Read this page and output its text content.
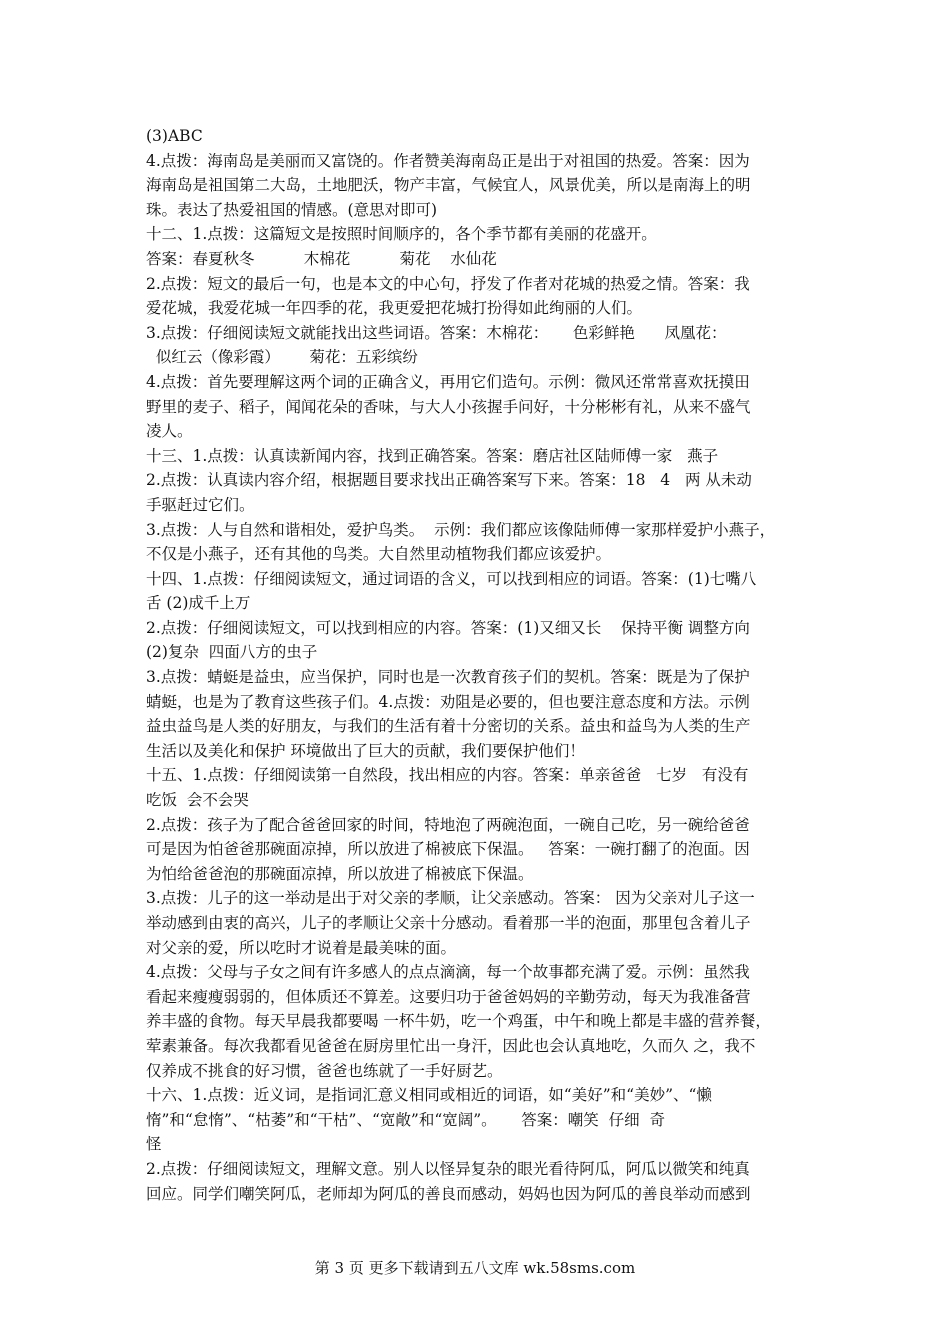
(3)ABC
4.点拨：海南岛是美丽而又富饶的。作者赞美海南岛正是出于对祖国的热爱。答案：因为
海南岛是祖国第二大岛，土地肥沃，物产丰富，气候宜人，风景优美，所以是南海上的明
珠。表达了热爱祖国的情感。(意思对即可)
十二、1.点拨：这篇短文是按照时间顺序的，各个季节都有美丽的花盛开。
答案：春夏秋冬          木棉花          菊花    水仙花
2.点拨：短文的最后一句，也是本文的中心句，抒发了作者对花城的热爱之情。答案：我
爱花城，我爱花城一年四季的花，我更爱把花城打扮得如此绚丽的人们。
3.点拨：仔细阅读短文就能找出这些词语。答案：木棉花：     色彩鲜艳      凤凰花：
似红云（像彩霞）      菊花：五彩缤纷
4.点拨：首先要理解这两个词的正确含义，再用它们造句。示例：微风还常常喜欢抚摸田
野里的麦子、稻子，闻闻花朵的香味，与大人小孩握手问好，十分彬彬有礼，从来不盛气
凌人。
十三、1.点拨：认真读新闻内容，找到正确答案。答案：磨店社区陆师傅一家   燕子
2.点拨：认真读内容介绍，根据题目要求找出正确答案写下来。答案：18   4   两 从未动
手驱赶过它们。
3.点拨：人与自然和谐相处，爱护鸟类。  示例：我们都应该像陆师傅一家那样爱护小燕子，
不仅是小燕子，还有其他的鸟类。大自然里动植物我们都应该爱护。
十四、1.点拨：仔细阅读短文，通过词语的含义，可以找到相应的词语。答案：(1)七嘴八
舌 (2)成千上万
2.点拨：仔细阅读短文，可以找到相应的内容。答案：(1)又细又长    保持平衡 调整方向
(2)复杂  四面八方的虫子
3.点拨：蜻蜓是益虫，应当保护，同时也是一次教育孩子们的契机。答案：既是为了保护
蜻蜓，也是为了教育这些孩子们。4.点拨：劝阻是必要的，但也要注意态度和方法。示例
益虫益鸟是人类的好朋友，与我们的生活有着十分密切的关系。益虫和益鸟为人类的生产
生活以及美化和保护 环境做出了巨大的贡献，我们要保护他们！
十五、1.点拨：仔细阅读第一自然段，找出相应的内容。答案：单亲爸爸   七岁   有没有
吃饭  会不会哭
2.点拨：孩子为了配合爸爸回家的时间，特地泡了两碗泡面，一碗自己吃，另一碗给爸爸
可是因为怕爸爸那碗面凉掉，所以放进了棉被底下保温。   答案：一碗打翻了的泡面。因
为怕给爸爸泡的那碗面凉掉，所以放进了棉被底下保温。
3.点拨：儿子的这一举动是出于对父亲的孝顺，让父亲感动。答案： 因为父亲对儿子这一
举动感到由衷的高兴，儿子的孝顺让父亲十分感动。看着那一半的泡面，那里包含着儿子
对父亲的爱，所以吃时才说着是最美味的面。
4.点拨：父母与子女之间有许多感人的点点滴滴，每一个故事都充满了爱。示例：虽然我
看起来瘦瘦弱弱的，但体质还不算差。这要归功于爸爸妈妈的辛勤劳动，每天为我准备营
养丰盛的食物。每天早晨我都要喝 一杯牛奶，吃一个鸡蛋，中午和晚上都是丰盛的营养餐，
荤素兼备。每次我都看见爸爸在厨房里忙出一身汗，因此也会认真地吃，久而久 之，我不
仅养成不挑食的好习惯，爸爸也练就了一手好厨艺。
十六、1.点拨：近义词，是指词汇意义相同或相近的词语，如“美好”和“美妙”、“懒
惰”和“怠惰”、“枯萎”和“干枯”、“宽敞”和“宽阔”。     答案：嘲笑  仔细  奇
怪
2.点拨：仔细阅读短文，理解文意。别人以怪异复杂的眼光看待阿瓜，阿瓜以微笑和纯真
回应。同学们嘲笑阿瓜，老师却为阿瓜的善良而感动，妈妈也因为阿瓜的善良举动而感到
第 3 页 更多下载请到五八文库 wk.58sms.com
